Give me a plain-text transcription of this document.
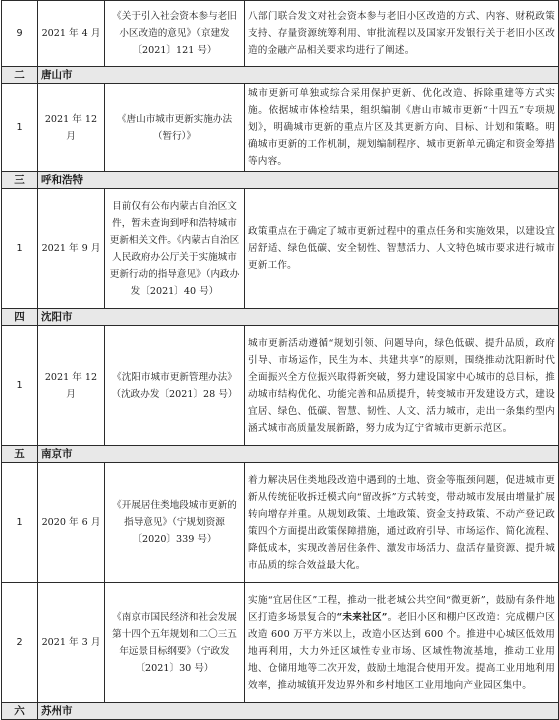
9	2021 年 4 月	《关于引入社会资本参与老旧小区改造的意见》（京建发〔2021〕121 号）	八部门联合发文对社会资本参与老旧小区改造的方式、内容、财税政策支持、存量资源统筹利用、审批流程以及国家开发银行关于老旧小区改造的金融产品相关要求均进行了阐述。
二	唐山市		
1	2021 年 12 月	《唐山市城市更新实施办法（暂行）》	城市更新可单独或综合采用保护更新、优化改造、拆除重建等方式实施。依据城市体检结果，组织编制《唐山市城市更新“十四五”专项规划》，明确城市更新的重点片区及其更新方向、目标、计划和策略。明确城市更新的工作机制，规划编制程序、城市更新单元确定和资金筹措等内容。
三	呼和浩特		
1	2021 年 9 月	目前仅有公布内蒙古自治区文件，暂未查询到呼和浩特城市更新相关文件。《内蒙古自治区人民政府办公厅关于实施城市更新行动的指导意见》（内政办发〔2021〕40 号）	政策重点在于确定了城市更新过程中的重点任务和实施效果，以建设宜居舒适、绿色低碳、安全韧性、智慧活力、人文特色城市要求进行城市更新工作。
四	沈阳市		
1	2021 年 12 月	《沈阳市城市更新管理办法》（沈政办发〔2021〕28 号）	城市更新活动遵循“规划引领、问题导向，绿色低碳、提升品质，政府引导、市场运作，民生为本、共建共享”的原则，围绕推动沈阳新时代全面振兴全方位振兴取得新突破，努力建设国家中心城市的总目标，推动城市结构优化、功能完善和品质提升，转变城市开发建设方式，建设宜居、绿色、低碳、智慧、韧性、人文、活力城市，走出一条集约型内涵式城市高质量发展新路，努力成为辽宁省城市更新示范区。
五	南京市		
1	2020 年 6 月	《开展居住类地段城市更新的指导意见》（宁规划资源〔2020〕339 号）	着力解决居住类地段改造中遇到的土地、资金等瓶颈问题，促进城市更新从传统征收拆迁模式向“留改拆”方式转变，带动城市发展由增量扩展转向增存并重。从规划政策、土地政策、资金支持政策、不动产登记政策四个方面提出政策保障措施，通过政府引导、市场运作、简化流程、降低成本，实现改善居住条件、激发市场活力、盘活存量资源、提升城市品质的综合效益最大化。
2	2021 年 3 月	《南京市国民经济和社会发展第十四个五年规划和二〇三五年远景目标纲要》（宁政发〔2021〕30 号）	实施“宜居住区”工程，推动一批老城公共空间“微更新”，鼓励有条件地区打造多场景复合的“未来社区”。老旧小区和棚户区改造：完成棚户区改造 600 万平方米以上，改造小区达到 600 个。推进中心城区低效用地再利用，大力外迁区域性专业市场、区域性物流基地，推动工业用地、仓储用地等二次开发，鼓励土地混合使用开发。提高工业用地利用效率，推动城镇开发边界外和乡村地区工业用地向产业园区集中。
六	苏州市		
